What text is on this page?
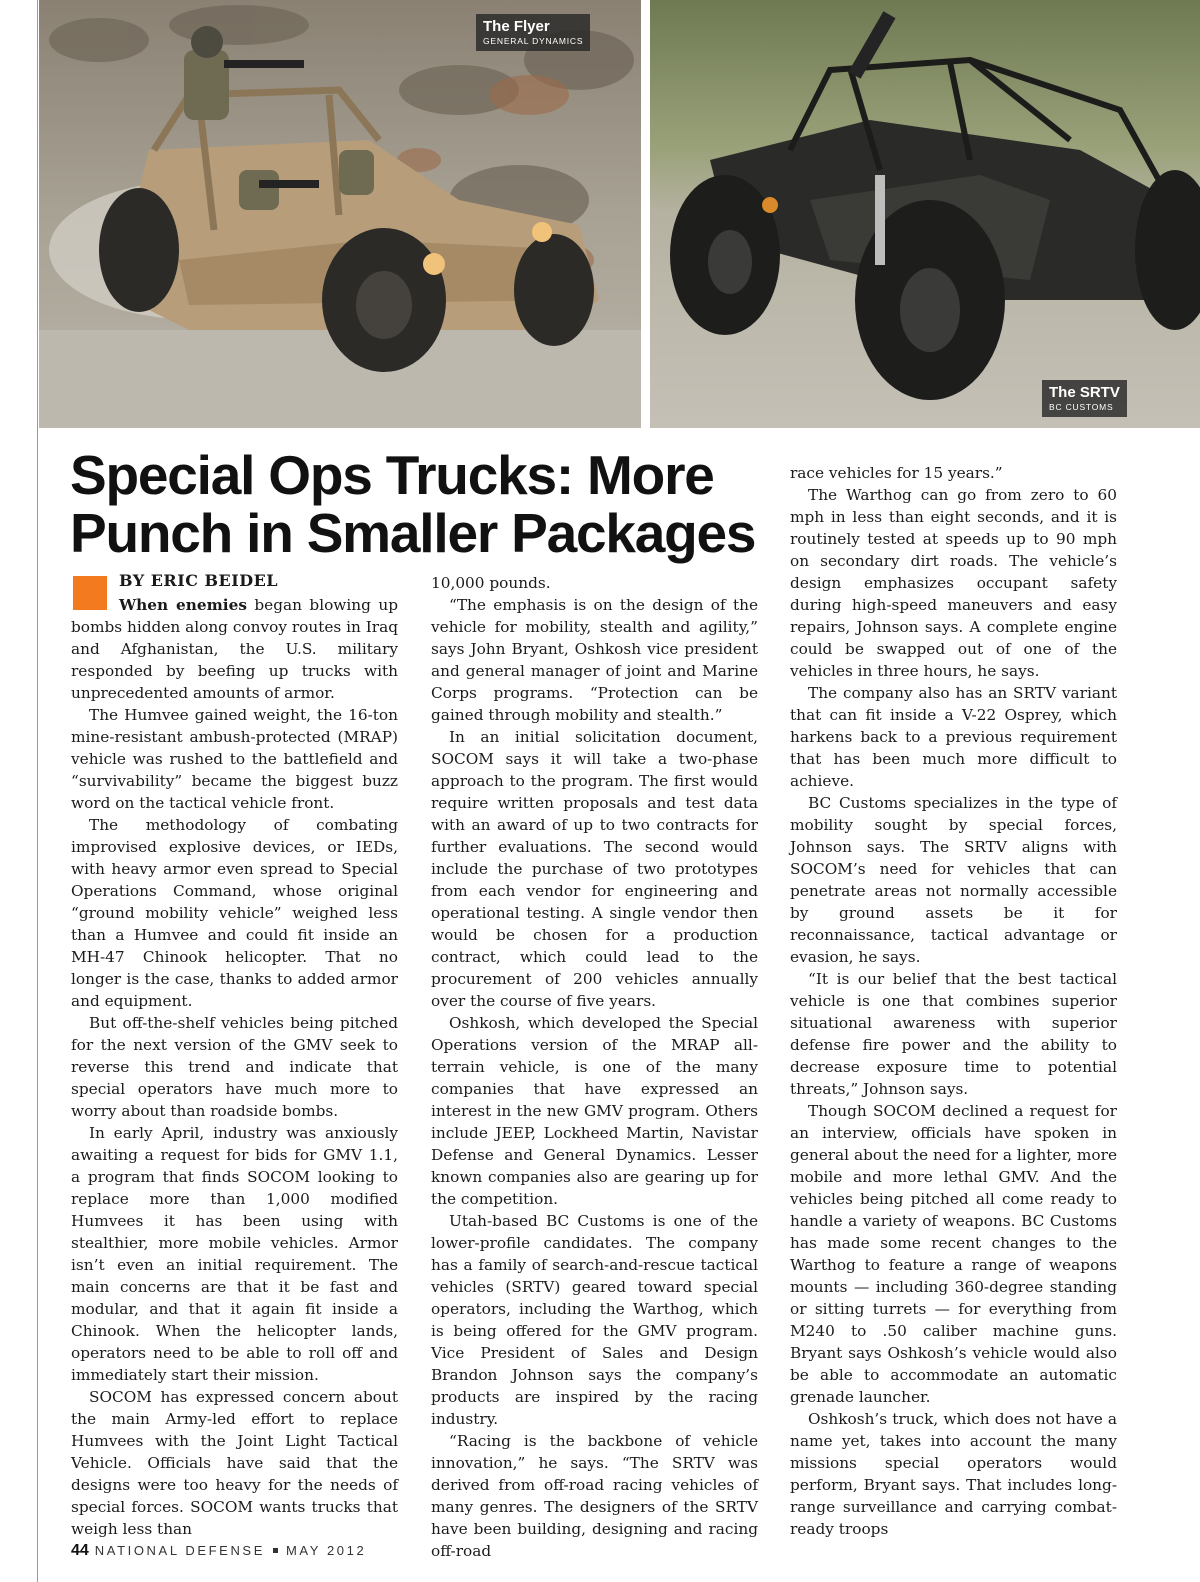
The Flyer
GENERAL DYNAMICS
The SRTV
BC CUSTOMS
Special Ops Trucks: More Punch in Smaller Packages
BY ERIC BEIDEL

When enemies began blowing up bombs hidden along convoy routes in Iraq and Afghanistan, the U.S. military responded by beefing up trucks with unprecedented amounts of armor.

The Humvee gained weight, the 16-ton mine-resistant ambush-protected (MRAP) vehicle was rushed to the battlefield and “survivability” became the biggest buzz word on the tactical vehicle front.

The methodology of combating improvised explosive devices, or IEDs, with heavy armor even spread to Special Operations Command, whose original “ground mobility vehicle” weighed less than a Humvee and could fit inside an MH-47 Chinook helicopter. That no longer is the case, thanks to added armor and equipment.

But off-the-shelf vehicles being pitched for the next version of the GMV seek to reverse this trend and indicate that special operators have much more to worry about than roadside bombs.

In early April, industry was anxiously awaiting a request for bids for GMV 1.1, a program that finds SOCOM looking to replace more than 1,000 modified Humvees it has been using with stealthier, more mobile vehicles. Armor isn’t even an initial requirement. The main concerns are that it be fast and modular, and that it again fit inside a Chinook. When the helicopter lands, operators need to be able to roll off and immediately start their mission.

SOCOM has expressed concern about the main Army-led effort to replace Humvees with the Joint Light Tactical Vehicle. Officials have said that the designs were too heavy for the needs of special forces. SOCOM wants trucks that weigh less than

10,000 pounds.

“The emphasis is on the design of the vehicle for mobility, stealth and agility,” says John Bryant, Oshkosh vice president and general manager of joint and Marine Corps programs. “Protection can be gained through mobility and stealth.”

In an initial solicitation document, SOCOM says it will take a two-phase approach to the program. The first would require written proposals and test data with an award of up to two contracts for further evaluations. The second would include the purchase of two prototypes from each vendor for engineering and operational testing. A single vendor then would be chosen for a production contract, which could lead to the procurement of 200 vehicles annually over the course of five years.

Oshkosh, which developed the Special Operations version of the MRAP all-terrain vehicle, is one of the many companies that have expressed an interest in the new GMV program. Others include JEEP, Lockheed Martin, Navistar Defense and General Dynamics. Lesser known companies also are gearing up for the competition.

Utah-based BC Customs is one of the lower-profile candidates. The company has a family of search-and-rescue tactical vehicles (SRTV) geared toward special operators, including the Warthog, which is being offered for the GMV program. Vice President of Sales and Design Brandon Johnson says the company’s products are inspired by the racing industry.

“Racing is the backbone of vehicle innovation,” he says. “The SRTV was derived from off-road racing vehicles of many genres. The designers of the SRTV have been building, designing and racing off-road

race vehicles for 15 years.”

The Warthog can go from zero to 60 mph in less than eight seconds, and it is routinely tested at speeds up to 90 mph on secondary dirt roads. The vehicle’s design emphasizes occupant safety during high-speed maneuvers and easy repairs, Johnson says. A complete engine could be swapped out of one of the vehicles in three hours, he says.

The company also has an SRTV variant that can fit inside a V-22 Osprey, which harkens back to a previous requirement that has been much more difficult to achieve.

BC Customs specializes in the type of mobility sought by special forces, Johnson says. The SRTV aligns with SOCOM’s need for vehicles that can penetrate areas not normally accessible by ground assets be it for reconnaissance, tactical advantage or evasion, he says.

“It is our belief that the best tactical vehicle is one that combines superior situational awareness with superior defense fire power and the ability to decrease exposure time to potential threats,” Johnson says.

Though SOCOM declined a request for an interview, officials have spoken in general about the need for a lighter, more mobile and more lethal GMV. And the vehicles being pitched all come ready to handle a variety of weapons. BC Customs has made some recent changes to the Warthog to feature a range of weapons mounts — including 360-degree standing or sitting turrets — for everything from M240 to .50 caliber machine guns. Bryant says Oshkosh’s vehicle would also be able to accommodate an automatic grenade launcher.

Oshkosh’s truck, which does not have a name yet, takes into account the many missions special operators would perform, Bryant says. That includes long-range surveillance and carrying combat-ready troops

44 NATIONAL DEFENSE MAY 2012
